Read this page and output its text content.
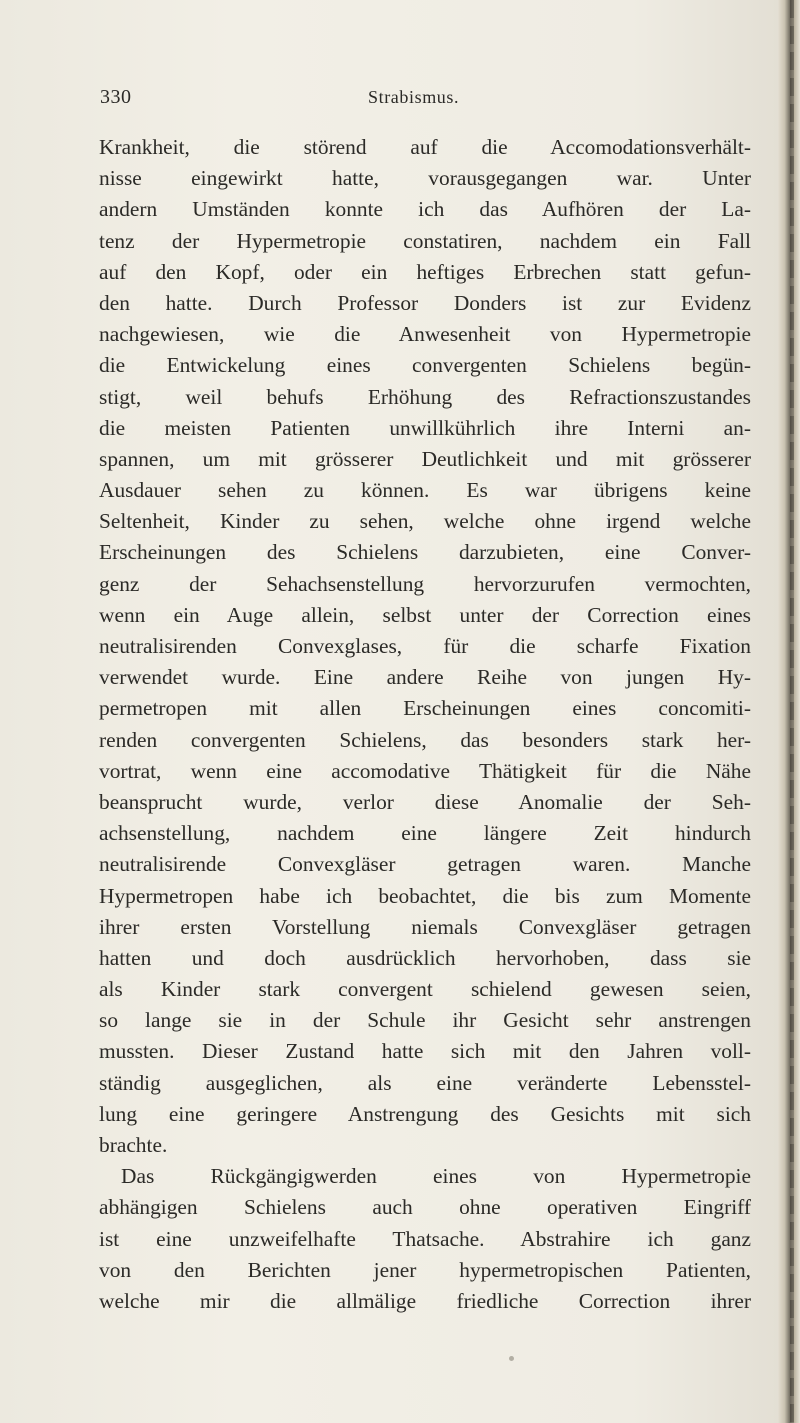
330	Strabismus.
Krankheit, die störend auf die Accomodationsverhält-
nisse eingewirkt hatte, vorausgegangen war. Unter
andern Umständen konnte ich das Aufhören der La-
tenz der Hypermetropie constatiren, nachdem ein Fall
auf den Kopf, oder ein heftiges Erbrechen statt gefun-
den hatte. Durch Professor Donders ist zur Evidenz
nachgewiesen, wie die Anwesenheit von Hypermetropie
die Entwickelung eines convergenten Schielens begün-
stigt, weil behufs Erhöhung des Refractionszustandes
die meisten Patienten unwillkührlich ihre Interni an-
spannen, um mit grösserer Deutlichkeit und mit grösserer
Ausdauer sehen zu können. Es war übrigens keine
Seltenheit, Kinder zu sehen, welche ohne irgend welche
Erscheinungen des Schielens darzubieten, eine Conver-
genz der Sehachsenstellung hervorzurufen vermochten,
wenn ein Auge allein, selbst unter der Correction eines
neutralisirenden Convexglases, für die scharfe Fixation
verwendet wurde. Eine andere Reihe von jungen Hy-
permetropen mit allen Erscheinungen eines concomiti-
renden convergenten Schielens, das besonders stark her-
vortrat, wenn eine accomodative Thätigkeit für die Nähe
beansprucht wurde, verlor diese Anomalie der Seh-
achsenstellung, nachdem eine längere Zeit hindurch
neutralisirende Convexgläser getragen waren. Manche
Hypermetropen habe ich beobachtet, die bis zum Momente
ihrer ersten Vorstellung niemals Convexgläser getragen
hatten und doch ausdrücklich hervorhoben, dass sie
als Kinder stark convergent schielend gewesen seien,
so lange sie in der Schule ihr Gesicht sehr anstrengen
mussten. Dieser Zustand hatte sich mit den Jahren voll-
ständig ausgeglichen, als eine veränderte Lebensstel-
lung eine geringere Anstrengung des Gesichts mit sich
brachte.
Das Rückgängigwerden eines von Hypermetropie
abhängigen Schielens auch ohne operativen Eingriff
ist eine unzweifelhafte Thatsache. Abstrahire ich ganz
von den Berichten jener hypermetropischen Patienten,
welche mir die allmälige friedliche Correction ihrer
